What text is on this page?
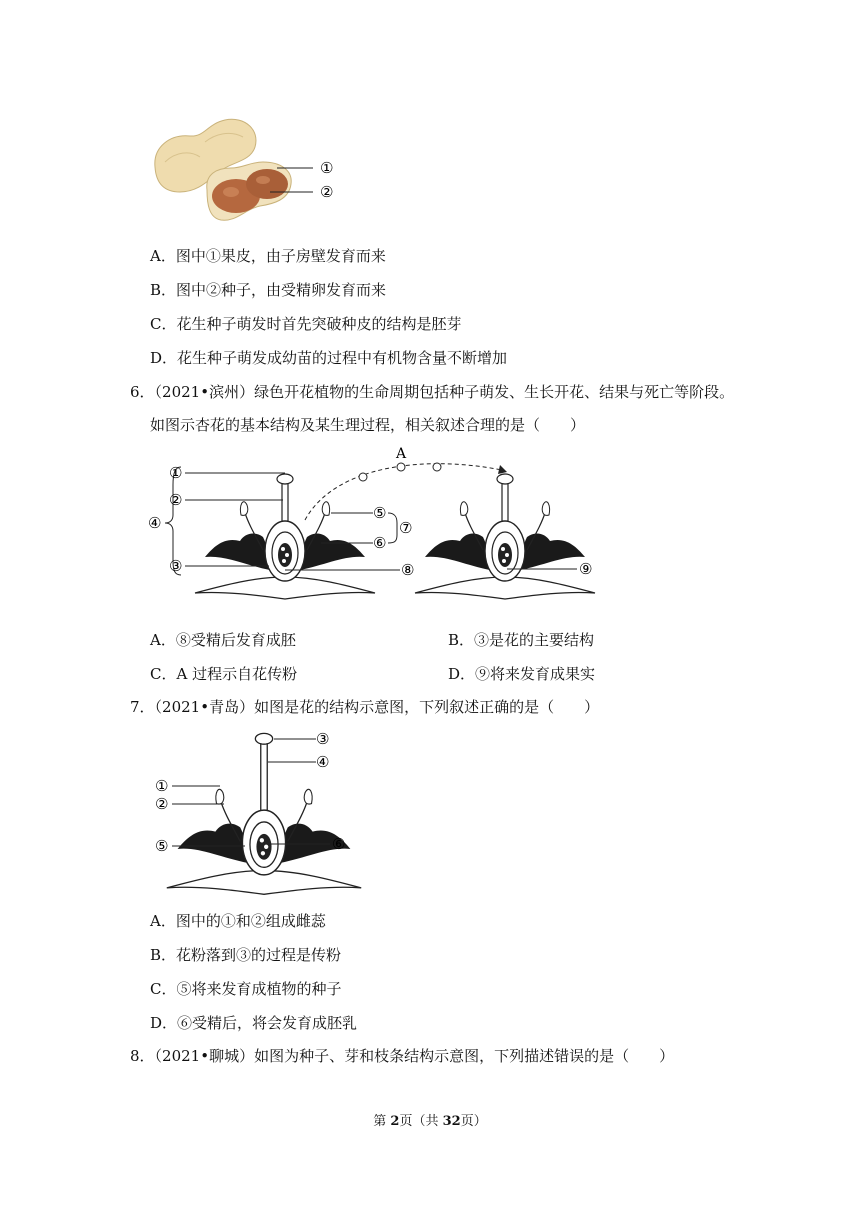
①
②
A．图中①果皮，由子房壁发育而来
B．图中②种子，由受精卵发育而来
C．花生种子萌发时首先突破种皮的结构是胚芽
D．花生种子萌发成幼苗的过程中有机物含量不断增加
6．（2021•滨州）绿色开花植物的生命周期包括种子萌发、生长开花、结果与死亡等阶段。
如图示杏花的基本结构及某生理过程，相关叙述合理的是（　　）
A
①
②
③
④
⑤
⑥
⑦
⑧	⑨
A．⑧受精后发育成胚	B．③是花的主要结构
C．A 过程示自花传粉	D．⑨将来发育成果实
7．（2021•青岛）如图是花的结构示意图，下列叙述正确的是（　　）
③
④
①
②
⑤	⑥
A．图中的①和②组成雌蕊
B．花粉落到③的过程是传粉
C．⑤将来发育成植物的种子
D．⑥受精后，将会发育成胚乳
8．（2021•聊城）如图为种子、芽和枝条结构示意图，下列描述错误的是（　　）
第 2页（共 32页）
